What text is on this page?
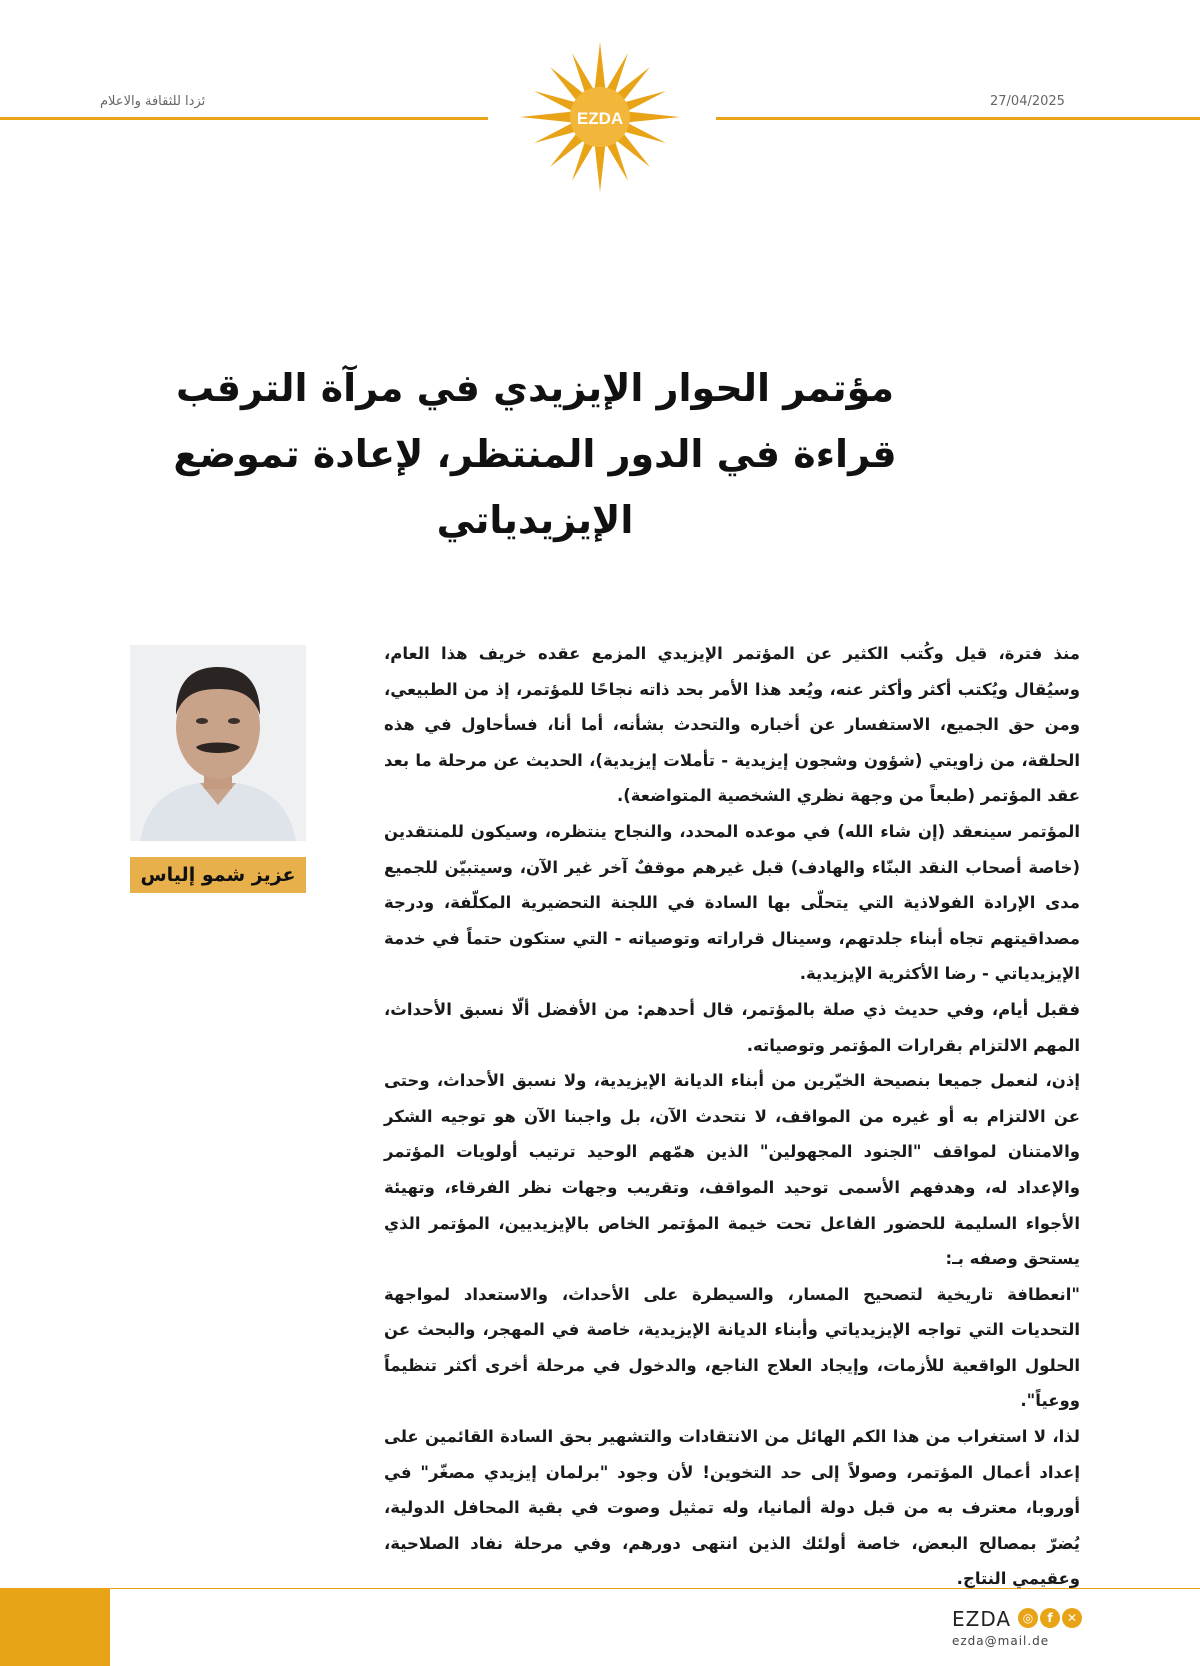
ئزدا للثقافة والاعلام	27/04/2025
EZDA
مؤتمر الحوار الإيزيدي في مرآة الترقب
قراءة في الدور المنتظر، لإعادة تموضع الإيزيدياتي
عزيز شمو إلياس

منذ فترة، قيل وكُتب الكثير عن المؤتمر الإيزيدي المزمع عقده خريف هذا العام، وسيُقال ويُكتب أكثر وأكثر عنه، ويُعد هذا الأمر بحد ذاته نجاحًا للمؤتمر، إذ من الطبيعي، ومن حق الجميع، الاستفسار عن أخباره والتحدث بشأنه، أما أنا، فسأحاول في هذه الحلقة، من زاويتي (شؤون وشجون إيزيدية - تأملات إيزيدية)، الحديث عن مرحلة ما بعد عقد المؤتمر (طبعاً من وجهة نظري الشخصية المتواضعة).

المؤتمر سينعقد (إن شاء الله) في موعده المحدد، والنجاح ينتظره، وسيكون للمنتقدين (خاصة أصحاب النقد البنّاء والهادف) قبل غيرهم موقفٌ آخر غير الآن، وسيتبيّن للجميع مدى الإرادة الفولاذية التي يتحلّى بها السادة في اللجنة التحضيرية المكلّفة، ودرجة مصداقيتهم تجاه أبناء جلدتهم، وسينال قراراته وتوصياته - التي ستكون حتماً في خدمة الإيزيدياتي - رضا الأكثرية الإيزيدية.

فقبل أيام، وفي حديث ذي صلة بالمؤتمر، قال أحدهم: من الأفضل ألّا نسبق الأحداث، المهم الالتزام بقرارات المؤتمر وتوصياته.

إذن، لنعمل جميعا بنصيحة الخيّرين من أبناء الديانة الإيزيدية، ولا نسبق الأحداث، وحتى عن الالتزام به أو غيره من المواقف، لا نتحدث الآن، بل واجبنا الآن هو توجيه الشكر والامتنان لمواقف "الجنود المجهولين" الذين همّهم الوحيد ترتيب أولويات المؤتمر والإعداد له، وهدفهم الأسمى توحيد المواقف، وتقريب وجهات نظر الفرقاء، وتهيئة الأجواء السليمة للحضور الفاعل تحت خيمة المؤتمر الخاص بالإيزيديين، المؤتمر الذي يستحق وصفه بـ:

"انعطافة تاريخية لتصحيح المسار، والسيطرة على الأحداث، والاستعداد لمواجهة التحديات التي تواجه الإيزيدياتي وأبناء الديانة الإيزيدية، خاصة في المهجر، والبحث عن الحلول الواقعية للأزمات، وإيجاد العلاج الناجع، والدخول في مرحلة أخرى أكثر تنظيماً ووعياً".

لذا، لا استغراب من هذا الكم الهائل من الانتقادات والتشهير بحق السادة القائمين على إعداد أعمال المؤتمر، وصولاً إلى حد التخوين! لأن وجود "برلمان إيزيدي مصغّر" في أوروبا، معترف به من قبل دولة ألمانيا، وله تمثيل وصوت في بقية المحافل الدولية، يُضرّ بمصالح البعض، خاصة أولئك الذين انتهى دورهم، وفي مرحلة نفاد الصلاحية، وعقيمي النتاج.

EZDA ◎	f	✕
ezda@mail.de
